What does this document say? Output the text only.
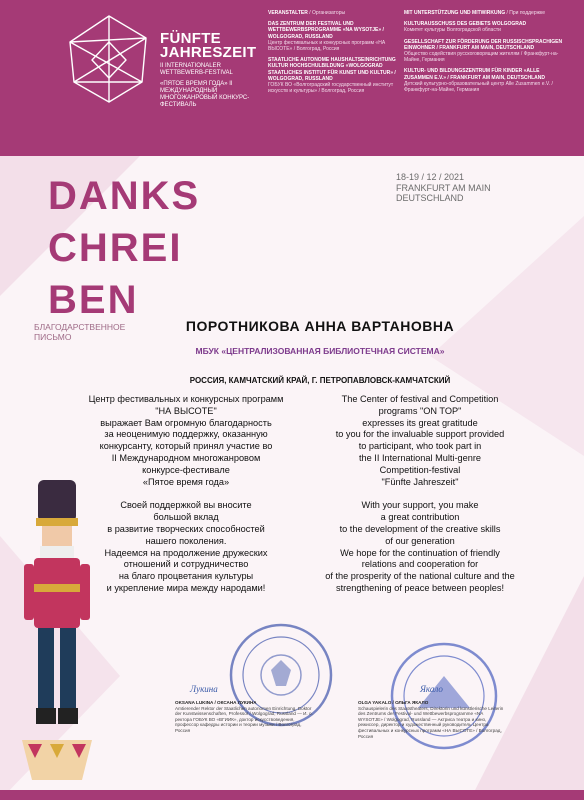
FÜNFTE
JAHRESZEIT
II INTERNATIONALER WETTBEWERB-FESTIVAL
«ПЯТОЕ ВРЕМЯ ГОДА» II МЕЖДУНАРОДНЫЙ МНОГОЖАНРОВЫЙ КОНКУРС-ФЕСТИВАЛЬ
VERANSTALTER / Организаторы
DAS ZENTRUM DER FESTIVAL UND WETTBEWERBSPROGRAMME «NA WYSOTJE» / WOLGOGRAD, RUSSLAND
Центр фестивальных и конкурсных программ «НА ВЫСОТЕ» / Волгоград, Россия
STAATLICHE AUTONOME HAUSHALTSEINRICHTUNG KULTUR HOCHSCHULBILDUNG «WOLGOGRAD STAATLICHES INSTITUT FÜR KUNST UND KULTUR» / WOLGOGRAD, RUSSLAND
ГОБУК ВО «Волгоградский государственный институт искусств и культуры» / Волгоград, Россия
MIT UNTERSTÜTZUNG UND MITWIRKUNG / При поддержке
KULTURAUSSCHUSS DES GEBIETS WOLGOGRAD
Комитет культуры Волгоградской области
GESELLSCHAFT ZUR FÖRDERUNG DER RUSSISCHSPRACHIGEN EINWOHNER / FRANKFURT AM MAIN, DEUTSCHLAND
Общество содействия русскоговорящим жителям / Франкфурт-на-Майне, Германия
KULTUR- UND BILDUNGSZENTRUM FÜR KINDER «ALLE ZUSAMMEN E.V.» / FRANKFURT AM MAIN, DEUTSCHLAND
Детский культурно-образовательный центр Alle Zusammen e.V. / Франкфурт-на-Майне, Германия
DANKS
CHREI
BEN
БЛАГОДАРСТВЕННОЕ ПИСЬМО
18-19 / 12 / 2021
FRANKFURT AM MAIN
DEUTSCHLAND
ПОРОТНИКОВА АННА ВАРТАНОВНА
МБУК «ЦЕНТРАЛИЗОВАННАЯ БИБЛИОТЕЧНАЯ СИСТЕМА»
РОССИЯ, КАМЧАТСКИЙ КРАЙ, Г. ПЕТРОПАВЛОВСК-КАМЧАТСКИЙ
Центр фестивальных и конкурсных программ
"НА ВЫСОТЕ"
выражает Вам огромную благодарность
за неоценимую поддержку, оказанную
конкурсанту, который принял участие во
II Международном многожанровом
конкурсе-фестивале
«Пятое время года»
Своей поддержкой вы вносите
большой вклад
в развитие творческих способностей
нашего поколения.
Надеемся на продолжение дружеских
отношений и сотрудничество
на благо процветания культуры
и укрепление мира между народами!
The Center of festival and Competition
programs "ON TOP"
expresses its great gratitude
to you for the invaluable support provided
to participant, who took part in
the II International Multi-genre
Competition-festival
"Fünfte Jahreszeit"
With your support, you make
a great contribution
to the development of the creative skills
of our generation
We hope for the continuation of friendly
relations and cooperation for
of the prosperity of the national culture and the
strengthening of peace between peoples!
Лукина	Якало
OKSANA LUKINA / ОКСАНА ЛУКИНА
Amtierender Rektor der Staatlichen autonomen Einrichtung, Doktor der Kunstwissenschaften, Professor / Wolgograd, Russland — И. о. ректора ГОБУК ВО «ВГИИК», доктор искусствоведения, профессор кафедры истории и теории музыки / Волгоград, Россия
OLGA YAKALO / ОЛЬГА ЯКАЛО
Schauspielerin des Staatstheaters, Direktorin und künstlerische Leiterin des Zentrums der Festival- und Wettbewerbsprogramme «NA WYSOTJE» / Wolgograd, Russland — Актриса театра и кино, режиссер, директор и художественный руководитель Центра фестивальных и конкурсных программ «НА ВЫСОТЕ» / Волгоград, Россия
